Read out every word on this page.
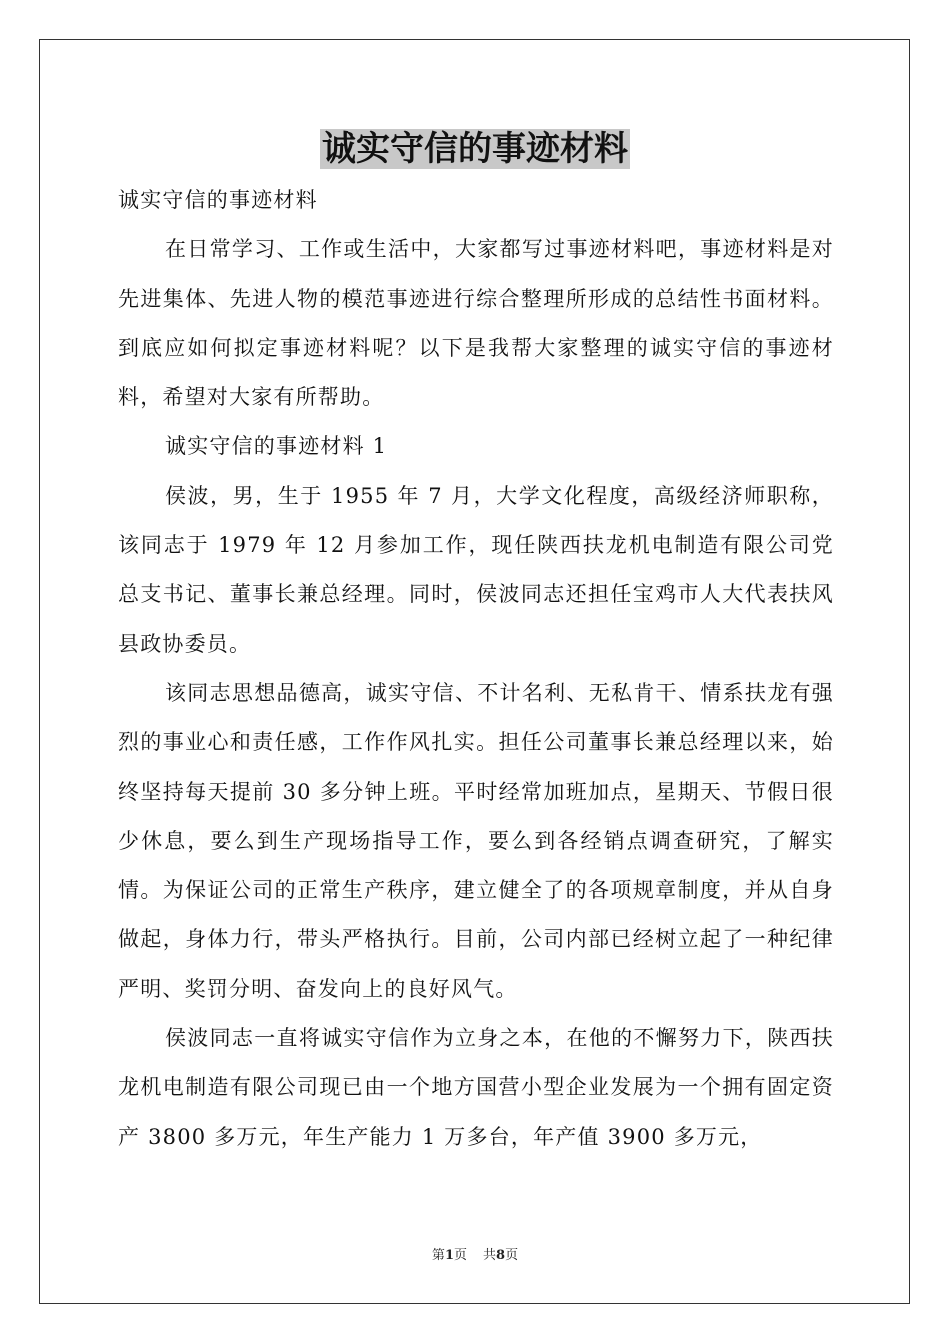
诚实守信的事迹材料

诚实守信的事迹材料

在日常学习、工作或生活中，大家都写过事迹材料吧，事迹材料是对先进集体、先进人物的模范事迹进行综合整理所形成的总结性书面材料。到底应如何拟定事迹材料呢？以下是我帮大家整理的诚实守信的事迹材料，希望对大家有所帮助。

诚实守信的事迹材料 1

侯波，男，生于 1955 年 7 月，大学文化程度，高级经济师职称，该同志于 1979 年 12 月参加工作，现任陕西扶龙机电制造有限公司党总支书记、董事长兼总经理。同时，侯波同志还担任宝鸡市人大代表扶风县政协委员。

该同志思想品德高，诚实守信、不计名利、无私肯干、情系扶龙有强烈的事业心和责任感，工作作风扎实。担任公司董事长兼总经理以来，始终坚持每天提前 30 多分钟上班。平时经常加班加点，星期天、节假日很少休息，要么到生产现场指导工作，要么到各经销点调查研究，了解实情。为保证公司的正常生产秩序，建立健全了的各项规章制度，并从自身做起，身体力行，带头严格执行。目前，公司内部已经树立起了一种纪律严明、奖罚分明、奋发向上的良好风气。

侯波同志一直将诚实守信作为立身之本，在他的不懈努力下，陕西扶龙机电制造有限公司现已由一个地方国营小型企业发展为一个拥有固定资产 3800 多万元，年生产能力 1 万多台，年产值 3900 多万元，

第1页 共8页
